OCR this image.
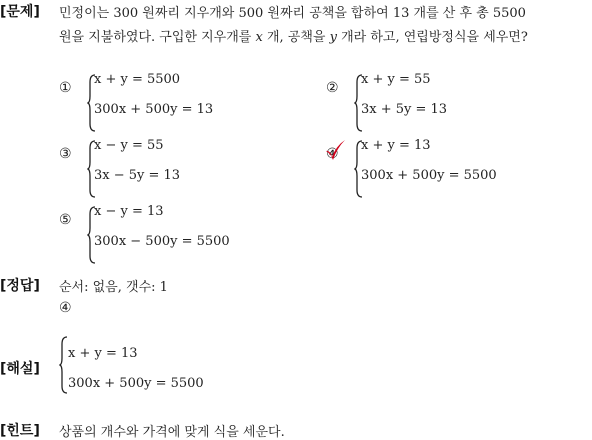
[문제] 민정이는 300 원짜리 지우개와 500 원짜리 공책을 합하여 13 개를 산 후 총 5500
원을 지불하였다. 구입한 지우개를 x 개, 공책을 y 개라 하고, 연립방정식을 세우면?
①
x + y = 5500
300x + 500y = 13
②
x + y = 55
3x + 5y = 13
③
x − y = 55
3x − 5y = 13
④
x + y = 13
300x + 500y = 5500
⑤
x − y = 13
300x − 500y = 5500
[정답] 순서: 없음, 갯수: 1
④
[해설]
x + y = 13
300x + 500y = 5500
[힌트] 상품의 개수와 가격에 맞게 식을 세운다.
